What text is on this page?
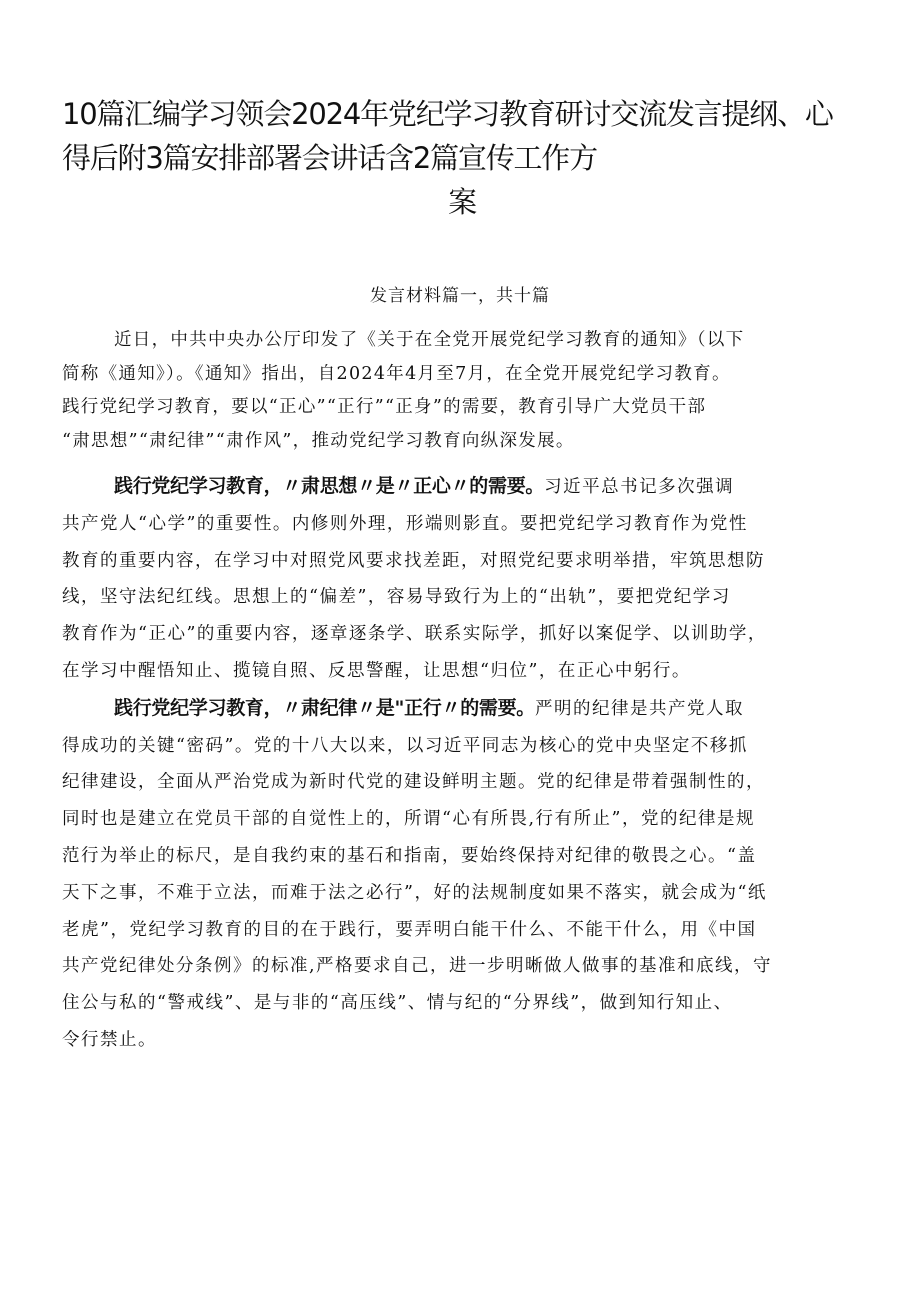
10篇汇编学习领会2024年党纪学习教育研讨交流发言提纲、心
得后附3篇安排部署会讲话含2篇宣传工作方
案
发言材料篇一，共十篇

近日，中共中央办公厅印发了《关于在全党开展党纪学习教育的通知》（以下
简称《通知》）。《通知》指出，自2024年4月至7月，在全党开展党纪学习教育。
践行党纪学习教育，要以“正心”“正行”“正身”的需要，教育引导广大党员干部
“肃思想”“肃纪律”“肃作风”，推动党纪学习教育向纵深发展。

践行党纪学习教育，〃肃思想〃是〃正心〃的需要。习近平总书记多次强调
共产党人“心学”的重要性。内修则外理，形端则影直。要把党纪学习教育作为党性
教育的重要内容，在学习中对照党风要求找差距，对照党纪要求明举措，牢筑思想防
线，坚守法纪红线。思想上的“偏差”，容易导致行为上的“出轨”，要把党纪学习
教育作为“正心”的重要内容，逐章逐条学、联系实际学，抓好以案促学、以训助学，
在学习中醒悟知止、揽镜自照、反思警醒，让思想“归位”，在正心中躬行。

践行党纪学习教育，〃肃纪律〃是"正行〃的需要。严明的纪律是共产党人取
得成功的关键“密码”。党的十八大以来，以习近平同志为核心的党中央坚定不移抓
纪律建设，全面从严治党成为新时代党的建设鲜明主题。党的纪律是带着强制性的，
同时也是建立在党员干部的自觉性上的，所谓“心有所畏,行有所止”，党的纪律是规
范行为举止的标尺，是自我约束的基石和指南，要始终保持对纪律的敬畏之心。“盖
天下之事，不难于立法，而难于法之必行”，好的法规制度如果不落实，就会成为“纸
老虎”，党纪学习教育的目的在于践行，要弄明白能干什么、不能干什么，用《中国
共产党纪律处分条例》的标准,严格要求自己，进一步明晰做人做事的基准和底线，守
住公与私的“警戒线”、是与非的“高压线”、情与纪的“分界线”，做到知行知止、
令行禁止。
